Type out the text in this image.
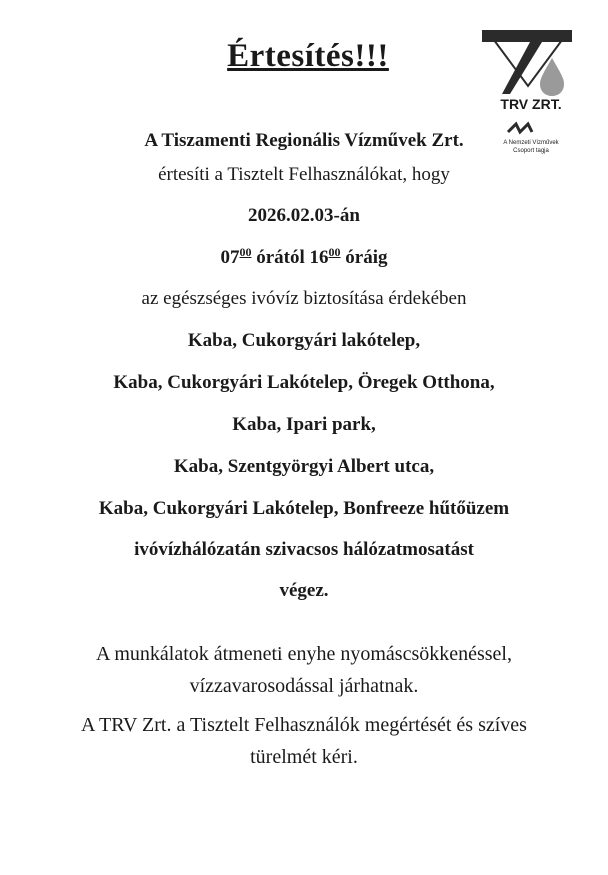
Értesítés!!!

TRV ZRT.

A Nemzeti Vízművek

Csoport tagja

A Tiszamenti Regionális Vízművek Zrt.

értesíti a Tisztelt Felhasználókat, hogy

2026.02.03-án

$07^{00}$ órától $16^{00}$ óráig

az egészséges ivóvíz biztosítása érdekében

Kaba, Cukorgyári lakótelep,

Kaba, Cukorgyári Lakótelep, Öregek Otthona,

Kaba, Ipari park,

Kaba, Szentgyörgyi Albert utca,

Kaba, Cukorgyári Lakótelep, Bonfreeze hűtőüzem

ivóvízhálózatán szivacsos hálózatmosatást

végez.

A munkálatok átmeneti enyhe nyomáscsökkenéssel,

vízzavarosodással járhatnak.

A TRV Zrt. a Tisztelt Felhasználók megértését és szíves

türelmét kéri.
